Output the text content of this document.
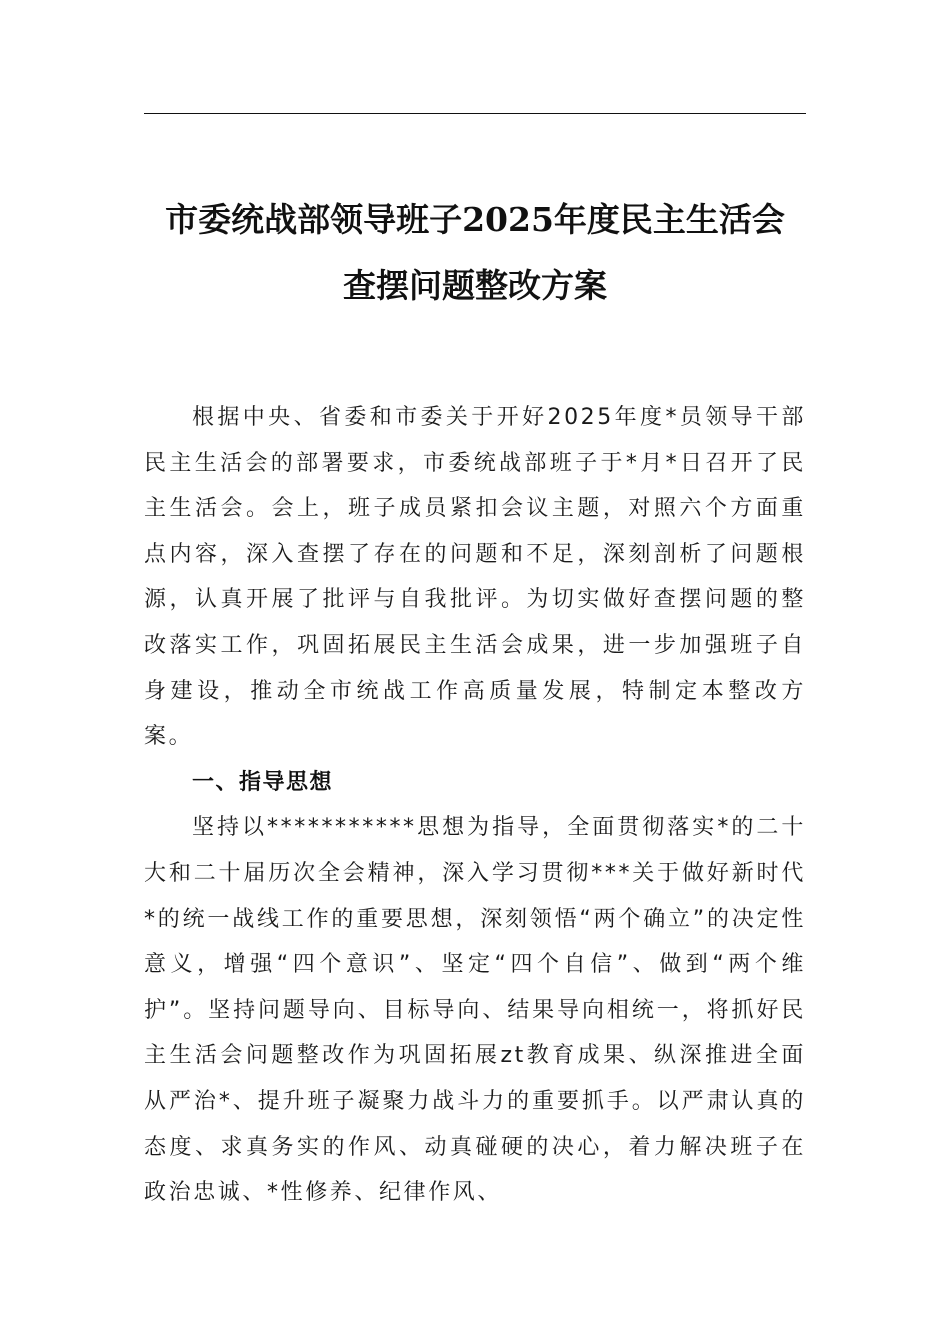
市委统战部领导班子2025年度民主生活会
查摆问题整改方案

根据中央、省委和市委关于开好2025年度*员领导干部民主生活会的部署要求，市委统战部班子于*月*日召开了民主生活会。会上，班子成员紧扣会议主题，对照六个方面重点内容，深入查摆了存在的问题和不足，深刻剖析了问题根源，认真开展了批评与自我批评。为切实做好查摆问题的整改落实工作，巩固拓展民主生活会成果，进一步加强班子自身建设，推动全市统战工作高质量发展，特制定本整改方案。

一、指导思想

坚持以***********思想为指导，全面贯彻落实*的二十大和二十届历次全会精神，深入学习贯彻***关于做好新时代*的统一战线工作的重要思想，深刻领悟“两个确立”的决定性意义，增强“四个意识”、坚定“四个自信”、做到“两个维护”。坚持问题导向、目标导向、结果导向相统一，将抓好民主生活会问题整改作为巩固拓展zt教育成果、纵深推进全面从严治*、提升班子凝聚力战斗力的重要抓手。以严肃认真的态度、求真务实的作风、动真碰硬的决心，着力解决班子在政治忠诚、*性修养、纪律作风、
